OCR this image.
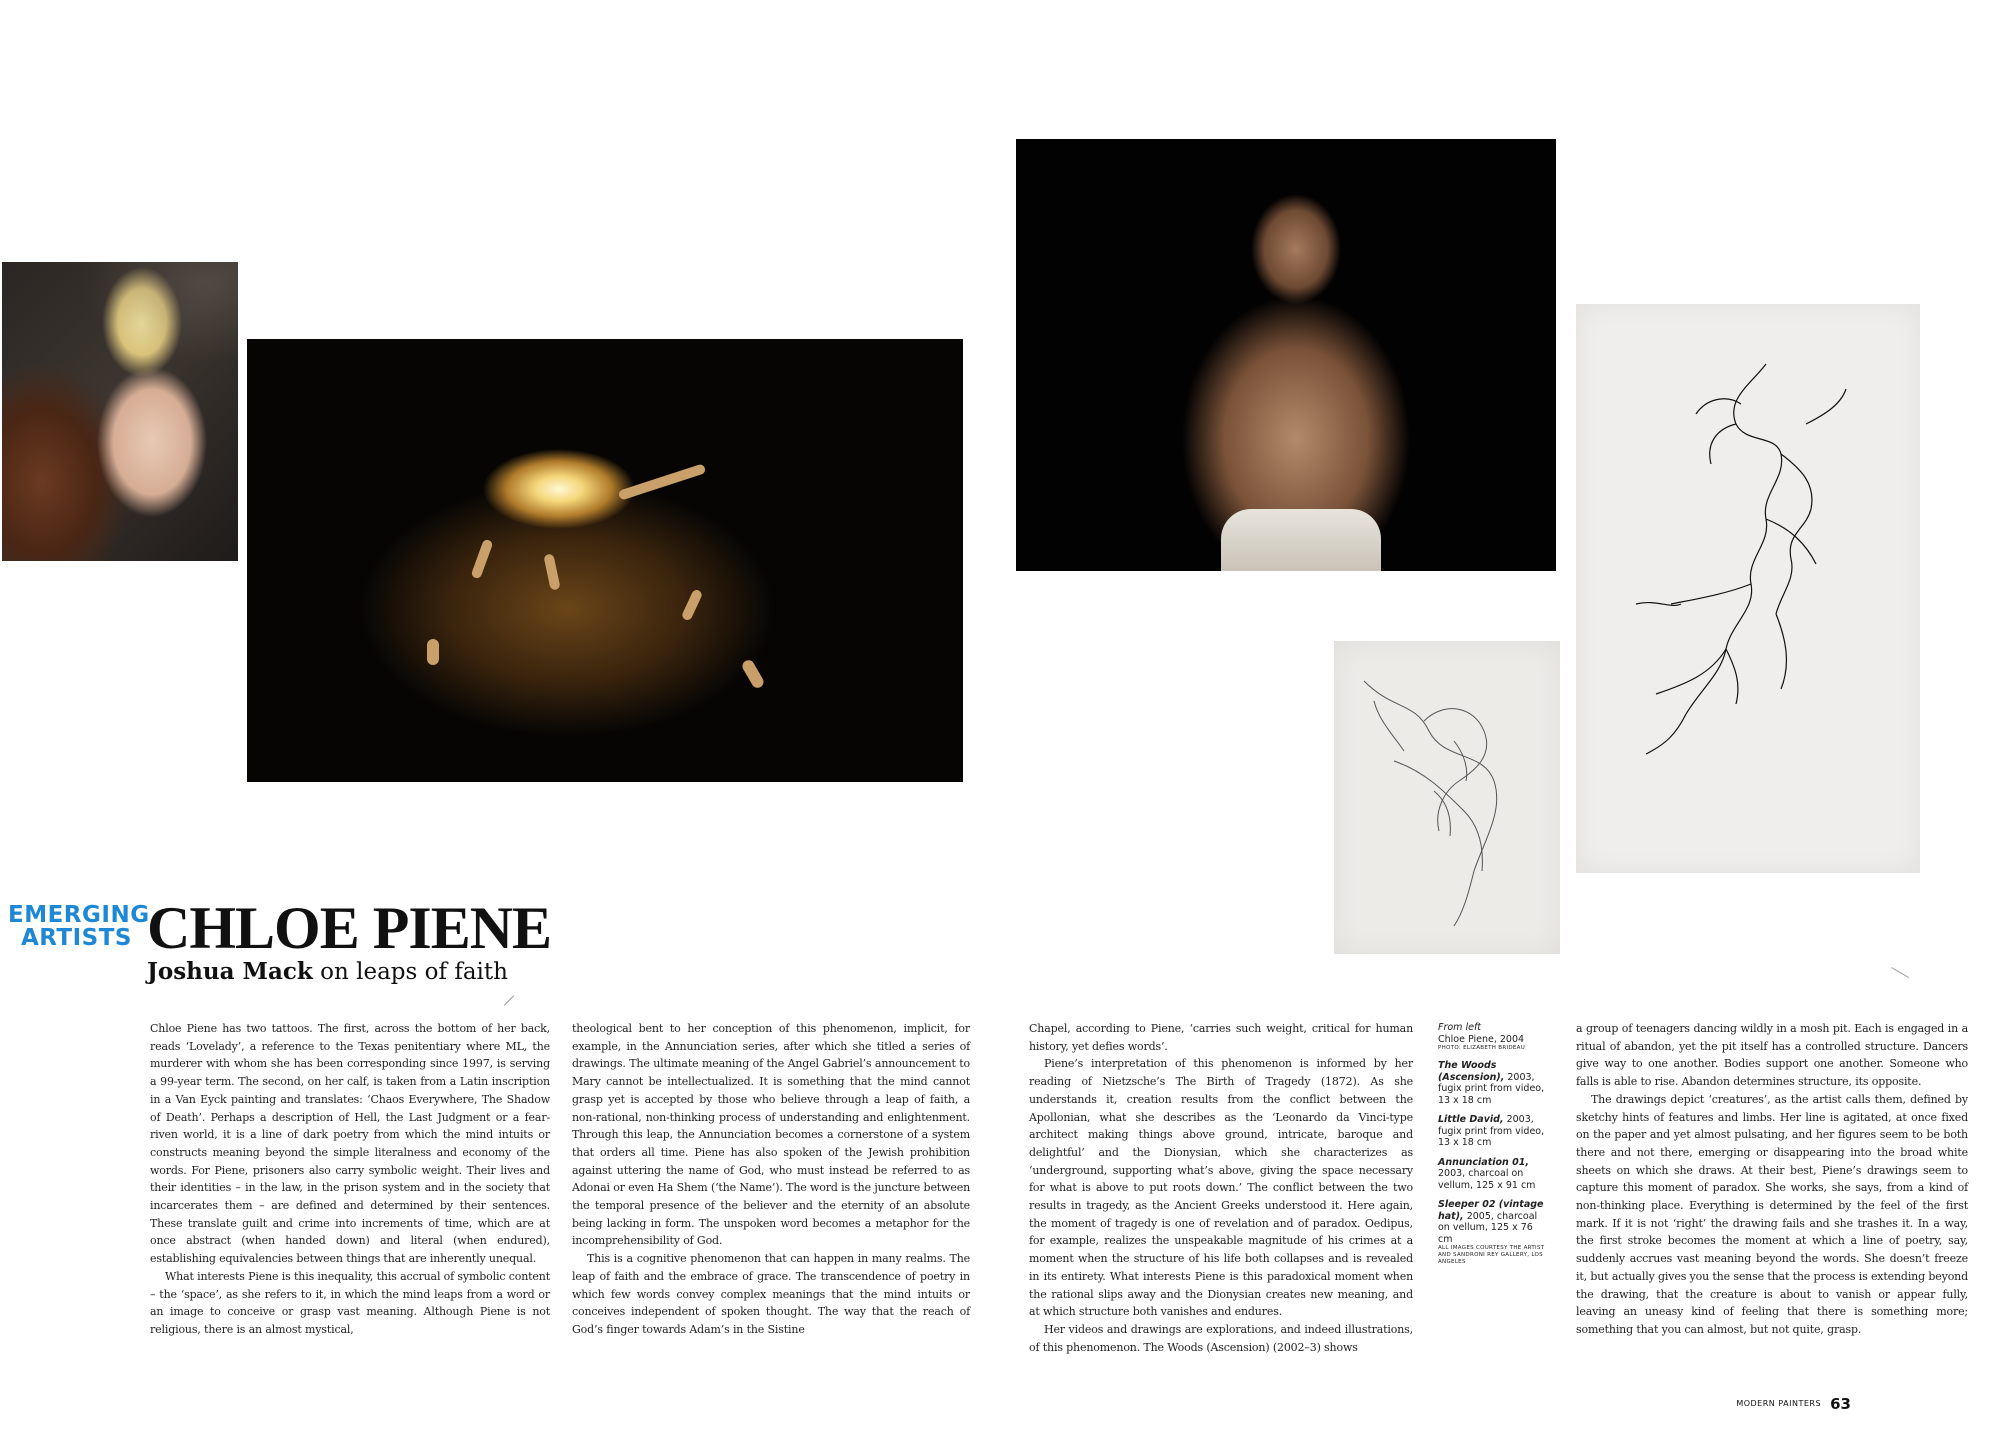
EMERGING
ARTISTS CHLOE PIENE
Joshua Mack on leaps of faith

Chloe Piene has two tattoos. The first, across the bottom of her back, reads ‘Lovelady’, a reference to the Texas penitentiary where ML, the murderer with whom she has been corresponding since 1997, is serving a 99-year term. The second, on her calf, is taken from a Latin inscription in a Van Eyck painting and translates: ‘Chaos Everywhere, The Shadow of Death’. Perhaps a description of Hell, the Last Judgment or a fear-riven world, it is a line of dark poetry from which the mind intuits or constructs meaning beyond the simple literalness and economy of the words. For Piene, prisoners also carry symbolic weight. Their lives and their identities – in the law, in the prison system and in the society that incarcerates them – are defined and determined by their sentences. These translate guilt and crime into increments of time, which are at once abstract (when handed down) and literal (when endured), establishing equivalencies between things that are inherently unequal.

What interests Piene is this inequality, this accrual of symbolic content – the ‘space’, as she refers to it, in which the mind leaps from a word or an image to conceive or grasp vast meaning. Although Piene is not religious, there is an almost mystical,

theological bent to her conception of this phenomenon, implicit, for example, in the Annunciation series, after which she titled a series of drawings. The ultimate meaning of the Angel Gabriel’s announcement to Mary cannot be intellectualized. It is something that the mind cannot grasp yet is accepted by those who believe through a leap of faith, a non-rational, non-thinking process of understanding and enlightenment. Through this leap, the Annunciation becomes a cornerstone of a system that orders all time. Piene has also spoken of the Jewish prohibition against uttering the name of God, who must instead be referred to as Adonai or even Ha Shem (‘the Name’). The word is the juncture between the temporal presence of the believer and the eternity of an absolute being lacking in form. The unspoken word becomes a metaphor for the incomprehensibility of God.

This is a cognitive phenomenon that can happen in many realms. The leap of faith and the embrace of grace. The transcendence of poetry in which few words convey complex meanings that the mind intuits or conceives independent of spoken thought. The way that the reach of God’s finger towards Adam’s in the Sistine

Chapel, according to Piene, ‘carries such weight, critical for human history, yet defies words’.

Piene’s interpretation of this phenomenon is informed by her reading of Nietzsche’s The Birth of Tragedy (1872). As she understands it, creation results from the conflict between the Apollonian, what she describes as the ‘Leonardo da Vinci-type architect making things above ground, intricate, baroque and delightful’ and the Dionysian, which she characterizes as ‘underground, supporting what’s above, giving the space necessary for what is above to put roots down.’ The conflict between the two results in tragedy, as the Ancient Greeks understood it. Here again, the moment of tragedy is one of revelation and of paradox. Oedipus, for example, realizes the unspeakable magnitude of his crimes at a moment when the structure of his life both collapses and is revealed in its entirety. What interests Piene is this paradoxical moment when the rational slips away and the Dionysian creates new meaning, and at which structure both vanishes and endures.

Her videos and drawings are explorations, and indeed illustrations, of this phenomenon. The Woods (Ascension) (2002–3) shows

a group of teenagers dancing wildly in a mosh pit. Each is engaged in a ritual of abandon, yet the pit itself has a controlled structure. Dancers give way to one another. Bodies support one another. Someone who falls is able to rise. Abandon determines structure, its opposite.

The drawings depict ‘creatures’, as the artist calls them, defined by sketchy hints of features and limbs. Her line is agitated, at once fixed on the paper and yet almost pulsating, and her figures seem to be both there and not there, emerging or disappearing into the broad white sheets on which she draws. At their best, Piene’s drawings seem to capture this moment of paradox. She works, she says, from a kind of non-thinking place. Everything is determined by the feel of the first mark. If it is not ‘right’ the drawing fails and she trashes it. In a way, the first stroke becomes the moment at which a line of poetry, say, suddenly accrues vast meaning beyond the words. She doesn’t freeze it, but actually gives you the sense that the process is extending beyond the drawing, that the creature is about to vanish or appear fully, leaving an uneasy kind of feeling that there is something more; something that you can almost, but not quite, grasp.

From left
Chloe Piene, 2004
PHOTO: ELIZABETH BRIDEAU
The Woods (Ascension), 2003, fugix print from video, 13 x 18 cm
Little David, 2003, fugix print from video, 13 x 18 cm
Annunciation 01, 2003, charcoal on vellum, 125 x 91 cm
Sleeper 02 (vintage hat), 2005, charcoal on vellum, 125 x 76 cm
ALL IMAGES COURTESY THE ARTIST AND SANDRONI REY GALLERY, LOS ANGELES
MODERN PAINTERS 63
